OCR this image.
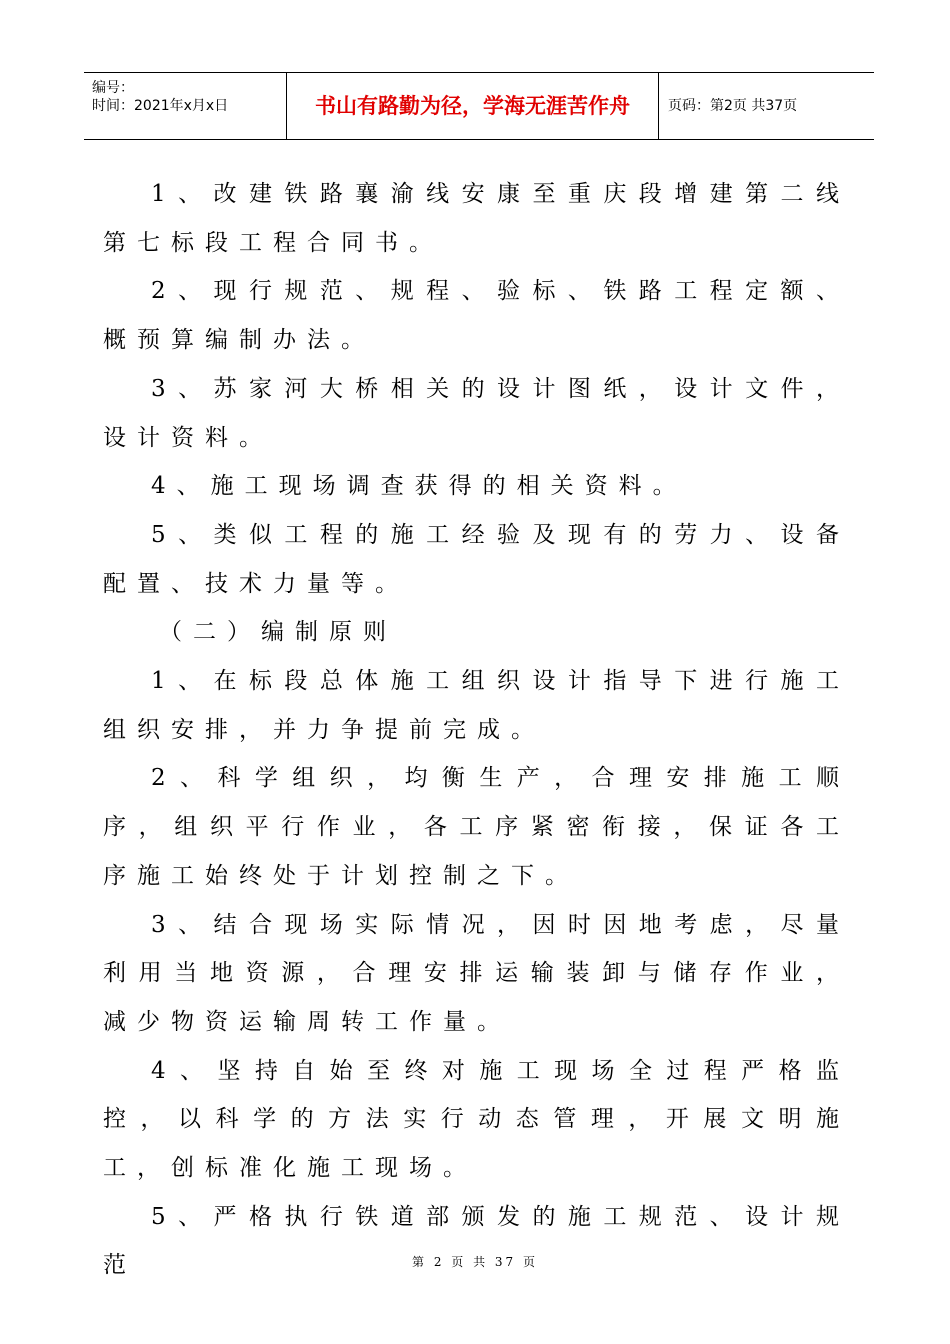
编号：
时间：2021年x月x日	书山有路勤为径，学海无涯苦作舟	页码：第2页 共37页

1、改建铁路襄渝线安康至重庆段增建第二线第七标段工程合同书。

2、现行规范、规程、验标、铁路工程定额、概预算编制办法。

3、苏家河大桥相关的设计图纸，设计文件，设计资料。

4、施工现场调查获得的相关资料。

5、类似工程的施工经验及现有的劳力、设备配置、技术力量等。

（二）编制原则

1、在标段总体施工组织设计指导下进行施工组织安排，并力争提前完成。

2、科学组织，均衡生产，合理安排施工顺序，组织平行作业，各工序紧密衔接，保证各工序施工始终处于计划控制之下。

3、结合现场实际情况，因时因地考虑，尽量利用当地资源，合理安排运输装卸与储存作业，减少物资运输周转工作量。

4、坚持自始至终对施工现场全过程严格监控，以科学的方法实行动态管理，开展文明施工，创标准化施工现场。

5、严格执行铁道部颁发的施工规范、设计规范	第 2 页 共 37 页
